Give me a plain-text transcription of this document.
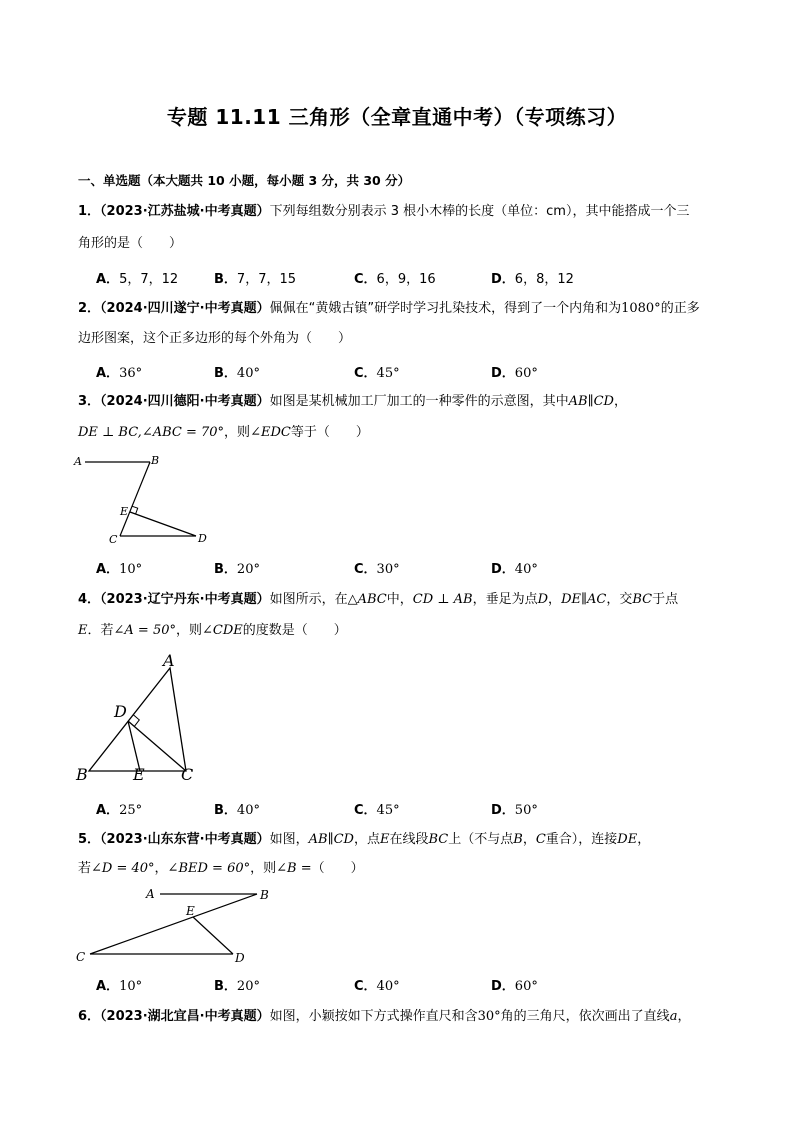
专题 11.11 三角形（全章直通中考）（专项练习）
一、单选题（本大题共 10 小题，每小题 3 分，共 30 分）
1．（2023·江苏盐城·中考真题）下列每组数分别表示 3 根小木棒的长度（单位：cm），其中能搭成一个三
角形的是（　　）
A．5，7，12	B．7，7，15	C．6，9，16	D．6，8，12
2．（2024·四川遂宁·中考真题）佩佩在“黄娥古镇”研学时学习扎染技术，得到了一个内角和为1080°的正多
边形图案，这个正多边形的每个外角为（　　）
A．36°	B．40°	C．45°	D．60°
3．（2024·四川德阳·中考真题）如图是某机械加工厂加工的一种零件的示意图，其中AB∥CD，
DE ⊥ BC,∠ABC = 70°，则∠EDC等于（　　）
A	B
E
C	D
A．10°	B．20°	C．30°	D．40°
4．（2023·辽宁丹东·中考真题）如图所示，在△ABC中，CD ⊥ AB，垂足为点D，DE∥AC，交BC于点
E．若∠A = 50°，则∠CDE的度数是（　　）
A
D
B	E C
A．25°	B．40°	C．45°	D．50°
5．（2023·山东东营·中考真题）如图，AB∥CD，点E在线段BC上（不与点B，C重合），连接DE，
若∠D = 40°，∠BED = 60°，则∠B =（　　）
A	B
E
C	D
A．10°	B．20°	C．40°	D．60°
6．（2023·湖北宜昌·中考真题）如图，小颖按如下方式操作直尺和含30°角的三角尺，依次画出了直线a，
